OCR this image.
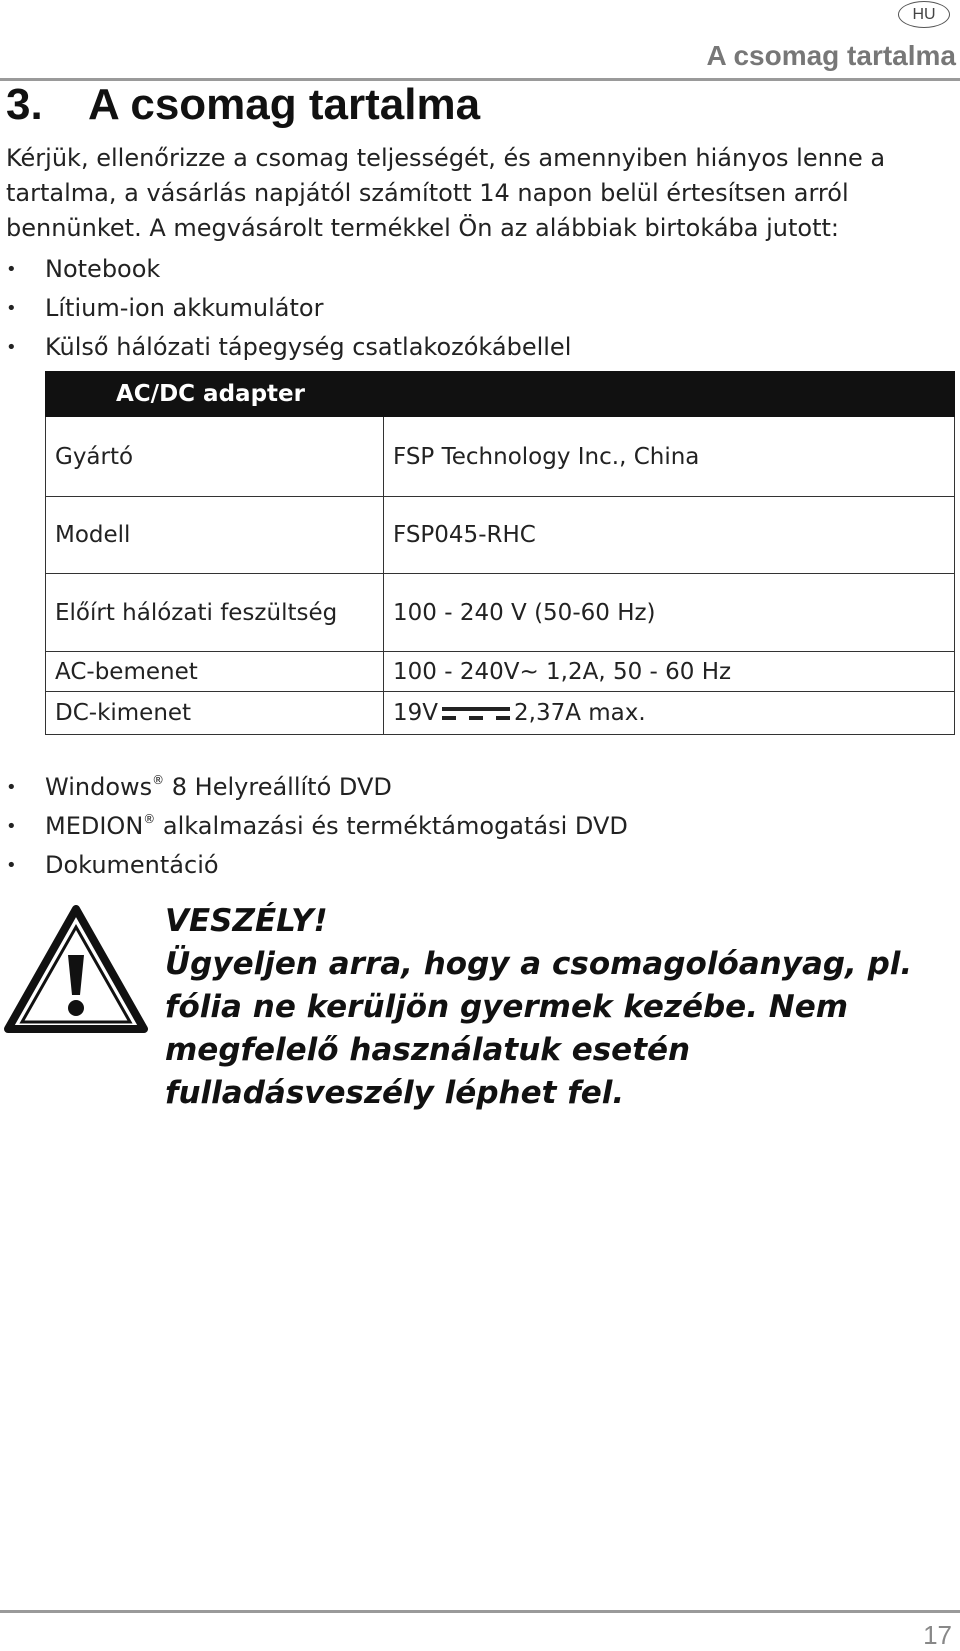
HU
A csomag tartalma
3. A csomag tartalma

Kérjük, ellenőrizze a csomag teljességét, és amennyiben hiányos lenne a tartalma, a vásárlás napjától számított 14 napon belül értesítsen arról bennünket. A megvásárolt termékkel Ön az alábbiak birtokába jutott:

• Notebook
• Lítium-ion akkumulátor
• Külső hálózati tápegység csatlakozókábellel
AC/DC adapter	
Gyártó	FSP Technology Inc., China
Modell	FSP045-RHC
Előírt hálózati feszültség	100 - 240 V (50-60 Hz)
AC-bemenet	100 - 240V~ 1,2A, 50 - 60 Hz
DC-kimenet	19V 2,37A max.
• Windows® 8 Helyreállító DVD
• MEDION® alkalmazási és terméktámogatási DVD
• Dokumentáció

VESZÉLY!

Ügyeljen arra, hogy a csomagolóanyag, pl. fólia ne kerüljön gyermek kezébe. Nem megfelelő használatuk esetén fulladásveszély léphet fel.

17
